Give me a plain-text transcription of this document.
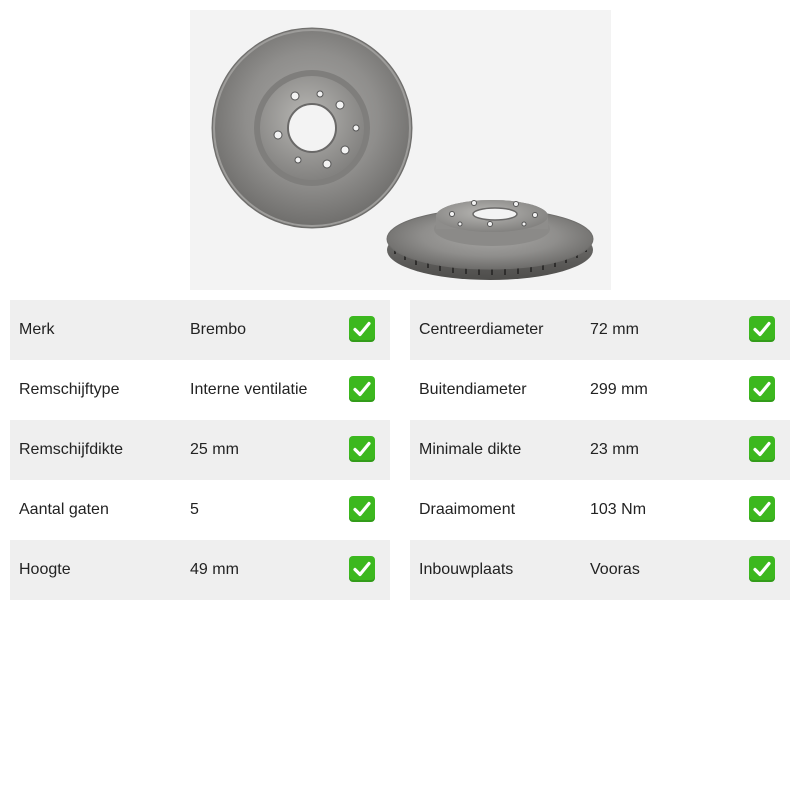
Merk	Brembo
Remschijftype	Interne ventilatie
Remschijfdikte	25 mm
Aantal gaten	5
Hoogte	49 mm
Centreerdiameter	72 mm
Buitendiameter	299 mm
Minimale dikte	23 mm
Draaimoment	103 Nm
Inbouwplaats	Vooras
